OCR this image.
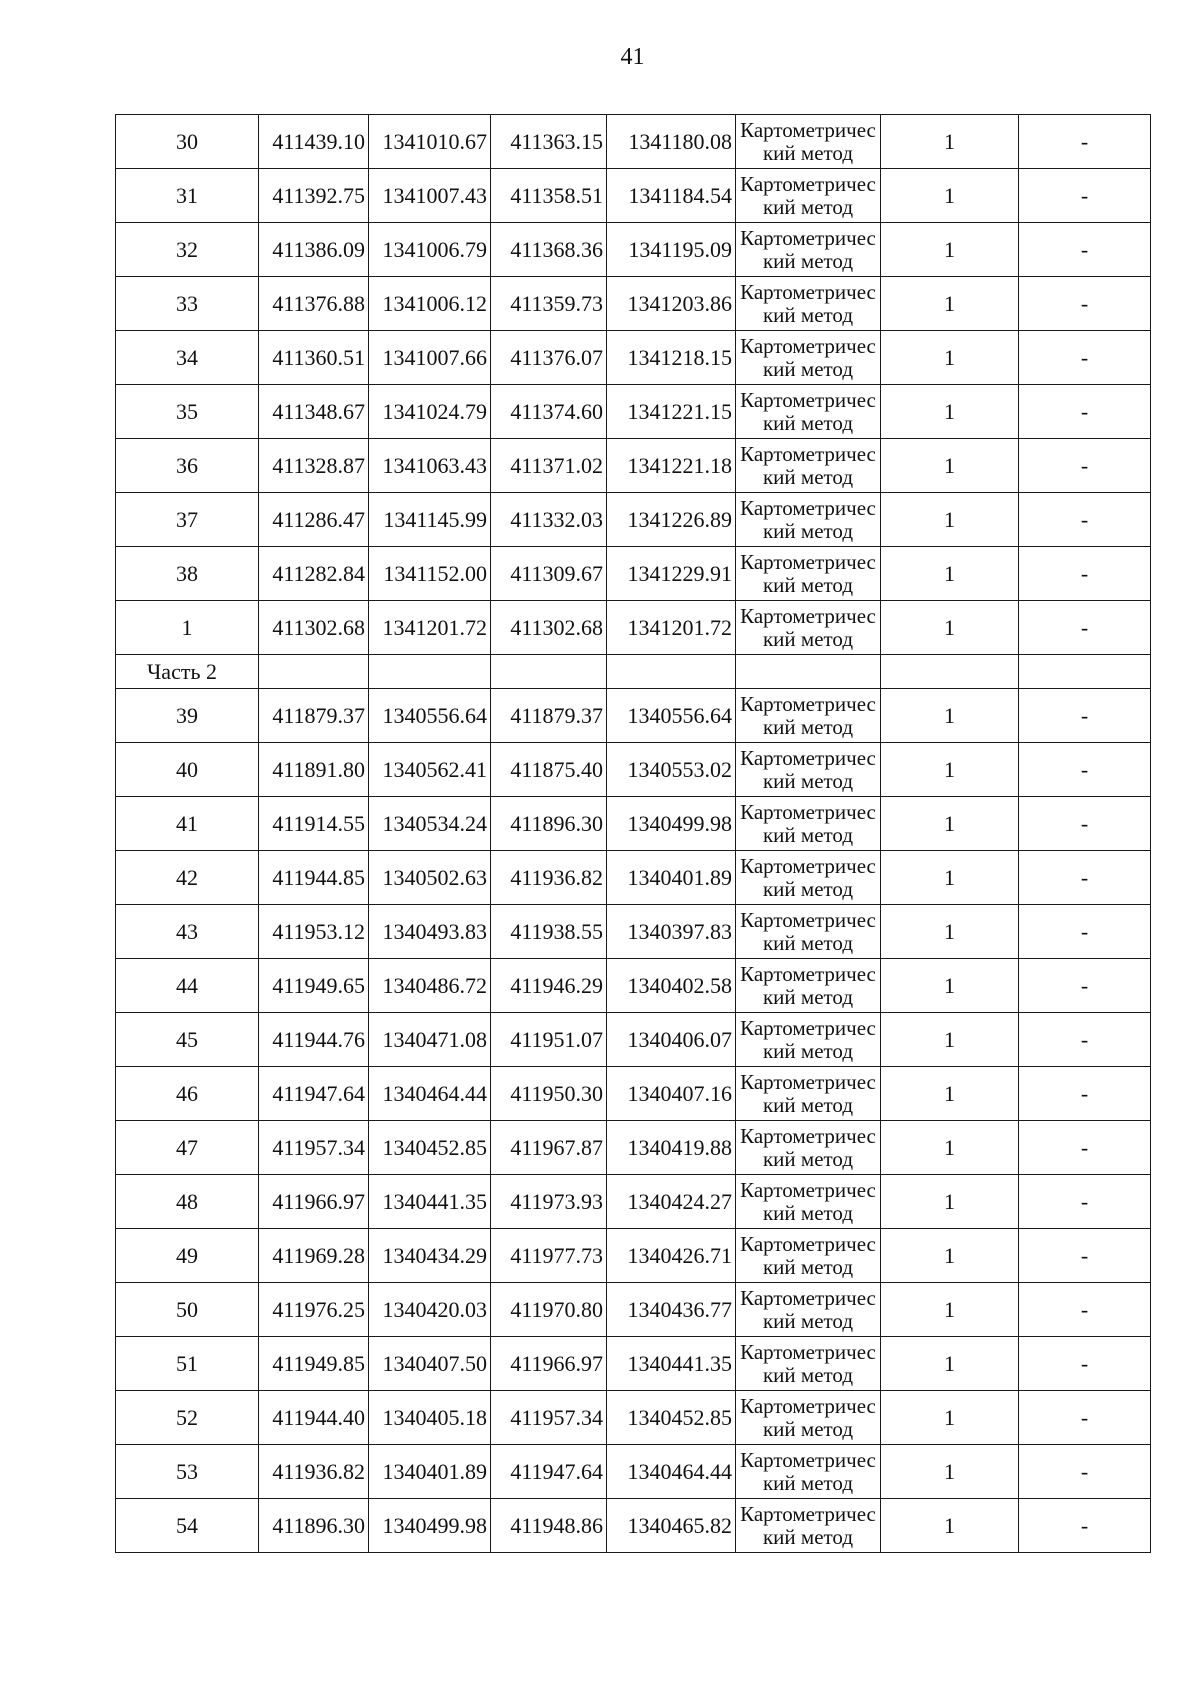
41
30	411439.10	1341010.67	411363.15	1341180.08	Картометрический метод	1	-
31	411392.75	1341007.43	411358.51	1341184.54	Картометрический метод	1	-
32	411386.09	1341006.79	411368.36	1341195.09	Картометрический метод	1	-
33	411376.88	1341006.12	411359.73	1341203.86	Картометрический метод	1	-
34	411360.51	1341007.66	411376.07	1341218.15	Картометрический метод	1	-
35	411348.67	1341024.79	411374.60	1341221.15	Картометрический метод	1	-
36	411328.87	1341063.43	411371.02	1341221.18	Картометрический метод	1	-
37	411286.47	1341145.99	411332.03	1341226.89	Картометрический метод	1	-
38	411282.84	1341152.00	411309.67	1341229.91	Картометрический метод	1	-
1	411302.68	1341201.72	411302.68	1341201.72	Картометрический метод	1	-
Часть 2							
39	411879.37	1340556.64	411879.37	1340556.64	Картометрический метод	1	-
40	411891.80	1340562.41	411875.40	1340553.02	Картометрический метод	1	-
41	411914.55	1340534.24	411896.30	1340499.98	Картометрический метод	1	-
42	411944.85	1340502.63	411936.82	1340401.89	Картометрический метод	1	-
43	411953.12	1340493.83	411938.55	1340397.83	Картометрический метод	1	-
44	411949.65	1340486.72	411946.29	1340402.58	Картометрический метод	1	-
45	411944.76	1340471.08	411951.07	1340406.07	Картометрический метод	1	-
46	411947.64	1340464.44	411950.30	1340407.16	Картометрический метод	1	-
47	411957.34	1340452.85	411967.87	1340419.88	Картометрический метод	1	-
48	411966.97	1340441.35	411973.93	1340424.27	Картометрический метод	1	-
49	411969.28	1340434.29	411977.73	1340426.71	Картометрический метод	1	-
50	411976.25	1340420.03	411970.80	1340436.77	Картометрический метод	1	-
51	411949.85	1340407.50	411966.97	1340441.35	Картометрический метод	1	-
52	411944.40	1340405.18	411957.34	1340452.85	Картометрический метод	1	-
53	411936.82	1340401.89	411947.64	1340464.44	Картометрический метод	1	-
54	411896.30	1340499.98	411948.86	1340465.82	Картометрический метод	1	-
